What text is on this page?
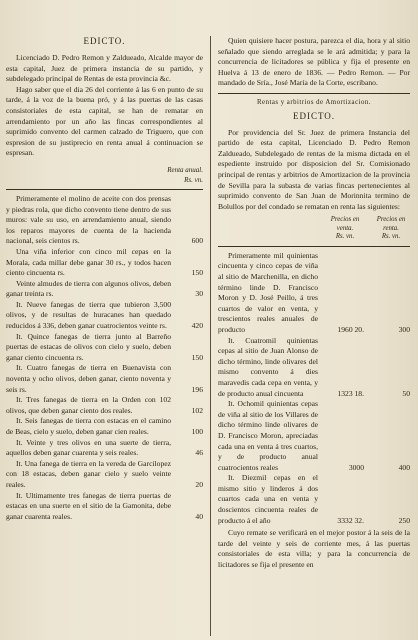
EDICTO.

Licenciado D. Pedro Remon y Zaldueado, Alcalde mayor de esta capital, Juez de primera instancia de su partido, y subdelegado principal de Rentas de esta provincia &c.

Hago saber que el dia 26 del corriente á las 6 en punto de su tarde, á la voz de la buena pró, y á las puertas de las casas consistoriales de esta capital, se han de rematar en arrendamiento por un año las fincas correspondientes al suprimido convento del carmen calzado de Triguero, que con espresion de su justiprecio en renta anual á continuacion se espresan.

Renta anual.
Rs. vn.
Primeramente el molino de aceite con dos prensas y piedras rola, que dicho convento tiene dentro de sus muros: vale su uso, en arrendamiento anual, siendo los reparos mayores de cuenta de la hacienda nacional, seis cientos rs.	600
Una viña inferior con cinco mil cepas en la Morala, cada millar debe ganar 30 rs., y todos hacen ciento cincuenta rs.	150
Veinte almudes de tierra con algunos olivos, deben ganar treinta rs.	30
It. Nueve fanegas de tierra que tubieron 3,500 olivos, y de resultas de huracanes han quedado reducidos á 336, deben ganar cuatrocientos veinte rs.	420
It. Quince fanegas de tierra junto al Barreño puertas de estacas de olivos con cielo y suelo, deben ganar ciento cincuenta rs.	150
It. Cuatro fanegas de tierra en Buenavista con noventa y ocho olivos, deben ganar, ciento noventa y seis rs.	196
It. Tres fanegas de tierra en la Orden con 102 olivos, que deben ganar ciento dos reales.	102
It. Seis fanegas de tierra con estacas en el camino de Beas, cielo y suelo, deben ganar cien reales.	100
It. Veinte y tres olivos en una suerte de tierra, aquellos deben ganar cuarenta y seis reales.	46
It. Una fanega de tierra en la vereda de Garcilopez con 18 estacas, deben ganar cielo y suelo veinte reales.	20
It. Ultimamente tres fanegas de tierra puertas de estacas en una suerte en el sitio de la Gamonita, debe ganar cuarenta reales.	40

Quien quisiere hacer postura, parezca el dia, hora y al sitio señalado que siendo arreglada se le ará admitida; y para la concurrencia de licitadores se pública y fija el presente en Huelva á 13 de enero de 1836. — Pedro Remon. — Por mandado de Sría., José María de la Corte, escribano.

Rentas y arbitrios de Amortizacion.
EDICTO.

Por providencia del Sr. Juez de primera Instancia del partido de esta capital, Licenciado D. Pedro Remon Zaldueado, Subdelegado de rentas de la misma dictada en el espediente instruido por disposicion del Sr. Comisionado principal de rentas y arbitrios de Amortizacion de la provincia de Sevilla para la subasta de varias fincas pertenecientes al suprimido convento de San Juan de Morinnita termino de Bolullos por del condado se rematan en renta las siguientes:

Precios en venta.
Precios en renta.
Rs. vn.	Rs. vn.
Primeramente mil quinientas cincuenta y cinco cepas de viña al sitio de Marchenilla, en dicho término linde D. Francisco Moron y D. José Peillo, á tres cuartos de valor en venta, y trescientos reales anuales de producto	1960 20.	300
It. Cuatromil quinientas cepas al sitio de Juan Alonso de dicho término, linde olivares del mismo convento á dies maravedis cada cepa en venta, y de producto anual cincuenta	1323 18.	50
It. Ochomil quinientas cepas de viña al sitio de los Villares de dicho término linde olivares de D. Francisco Moron, apreciadas cada una en venta á tres cuartos, y de producto anual cuatrocientos reales	3000	400
It. Diezmil cepas en el mismo sitio y linderos á dos cuartos cada una en venta y doscientos cincuenta reales de producto á el año	3332 32.	250

Cuyo remate se verificará en el mejor postor á la seis de la tarde del veinte y seis de corriente mes, á las puertas consistoriales de esta villa; y para la concurrencia de licitadores se fija el presente en
